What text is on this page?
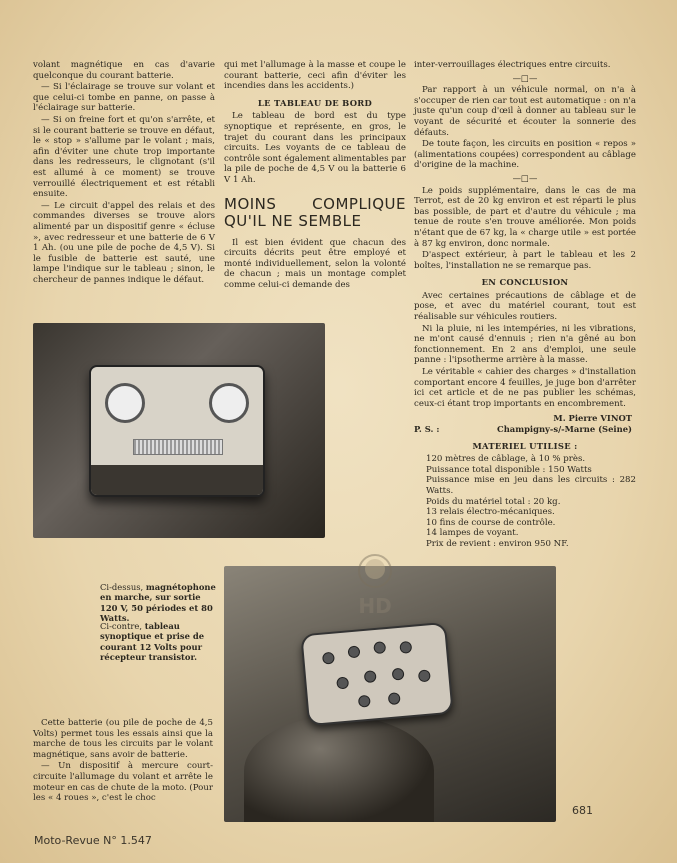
volant magnétique en cas d'avarie quelconque du courant batterie.

— Si l'éclairage se trouve sur volant et que celui-ci tombe en panne, on passe à l'éclairage sur batterie.

— Si on freine fort et qu'on s'arrête, et si le courant batterie se trouve en défaut, le « stop » s'allume par le volant ; mais, afin d'éviter une chute trop importante dans les redresseurs, le clignotant (s'il est allumé à ce moment) se trouve verrouillé électriquement et est rétabli ensuite.

— Le circuit d'appel des relais et des commandes diverses se trouve alors alimenté par un dispositif genre « écluse », avec redresseur et une batterie de 6 V 1 Ah. (ou une pile de poche de 4,5 V). Si le fusible de batterie est sauté, une lampe l'indique sur le tableau ; sinon, le chercheur de pannes indique le défaut.

qui met l'allumage à la masse et coupe le courant batterie, ceci afin d'éviter les incendies dans les accidents.)

LE TABLEAU DE BORD

Le tableau de bord est du type synoptique et représente, en gros, le trajet du courant dans les principaux circuits. Les voyants de ce tableau de contrôle sont également alimentables par la pile de poche de 4,5 V ou la batterie 6 V 1 Ah.

MOINS COMPLIQUE QU'IL NE SEMBLE

Il est bien évident que chacun des circuits décrits peut être employé et monté individuellement, selon la volonté de chacun ; mais un montage complet comme celui-ci demande des

inter-verrouillages électriques entre circuits.

—□—

Par rapport à un véhicule normal, on n'a à s'occuper de rien car tout est automatique : on n'a juste qu'un coup d'œil à donner au tableau sur le voyant de sécurité et écouter la sonnerie des défauts.

De toute façon, les circuits en position « repos » (alimentations coupées) correspondent au câblage d'origine de la machine.

—□—

Le poids supplémentaire, dans le cas de ma Terrot, est de 20 kg environ et est réparti le plus bas possible, de part et d'autre du véhicule ; ma tenue de route s'en trouve améliorée. Mon poids n'étant que de 67 kg, la « charge utile » est portée à 87 kg environ, donc normale.

D'aspect extérieur, à part le tableau et les 2 boîtes, l'installation ne se remarque pas.

EN CONCLUSION

Avec certaines précautions de câblage et de pose, et avec du matériel courant, tout est réalisable sur véhicules routiers.

Ni la pluie, ni les intempéries, ni les vibrations, ne m'ont causé d'ennuis ; rien n'a gêné au bon fonctionnement. En 2 ans d'emploi, une seule panne : l'ipsotherme arrière à la masse.

Le véritable « cahier des charges » d'installation comportant encore 4 feuilles, je juge bon d'arrêter ici cet article et de ne pas publier les schémas, ceux-ci étant trop importants en encombrement.

M. Pierre VINOT
P. S. :	Champigny-s/-Marne (Seine)
MATERIEL UTILISE :
120 mètres de câblage, à 10 % près.
Puissance total disponible : 150 Watts
Puissance mise en jeu dans les circuits : 282 Watts.
Poids du matériel total : 20 kg.
13 relais électro-mécaniques.
10 fins de course de contrôle.
14 lampes de voyant.
Prix de revient : environ 950 NF.
Ci-dessus, magnétophone en marche, sur sortie 120 V, 50 périodes et 80 Watts.
Ci-contre, tableau synoptique et prise de courant 12 Volts pour récepteur transistor.
HD

Cette batterie (ou pile de poche de 4,5 Volts) permet tous les essais ainsi que la marche de tous les circuits par le volant magnétique, sans avoir de batterie.

— Un dispositif à mercure court-circuite l'allumage du volant et arrête le moteur en cas de chute de la moto. (Pour les « 4 roues », c'est le choc

Moto-Revue N° 1.547
681
